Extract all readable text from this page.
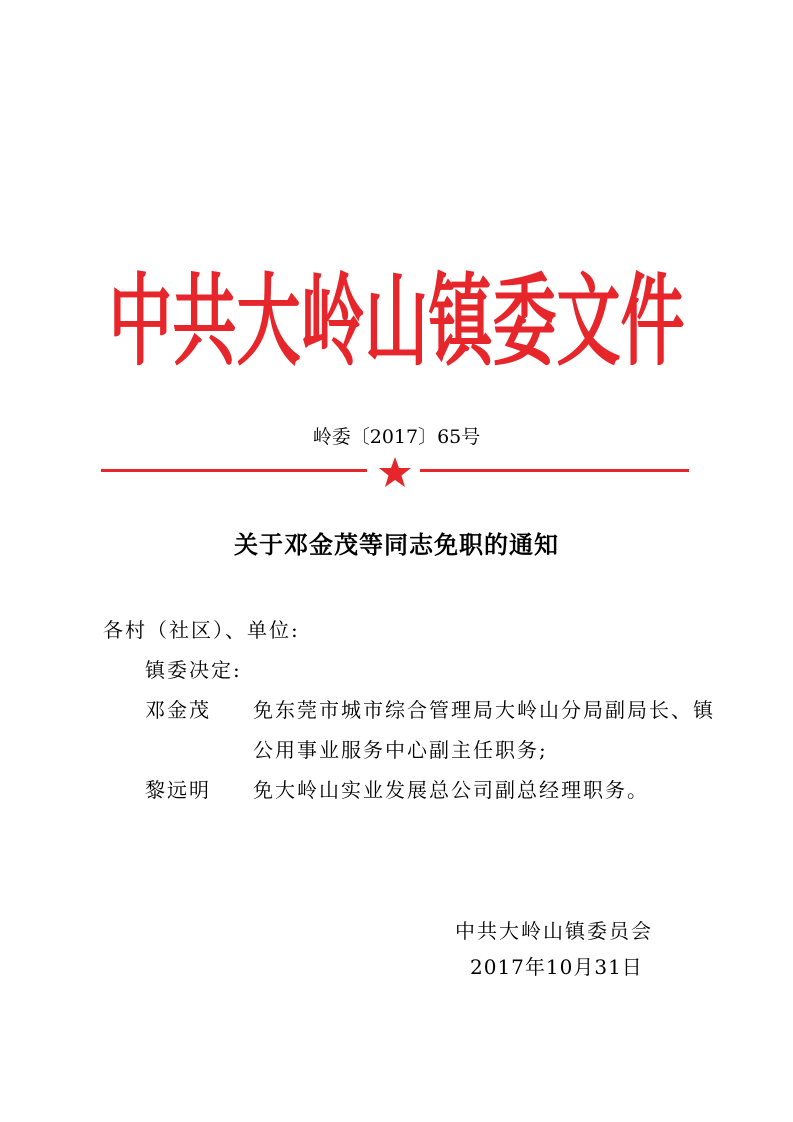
中共大岭山镇委文件
岭委〔2017〕65号
关于邓金茂等同志免职的通知
各村（社区）、单位:
镇委决定:
邓金茂 免东莞市城市综合管理局大岭山分局副局长、镇
公用事业服务中心副主任职务;
黎远明 免大岭山实业发展总公司副总经理职务。
中共大岭山镇委员会
2017年10月31日
